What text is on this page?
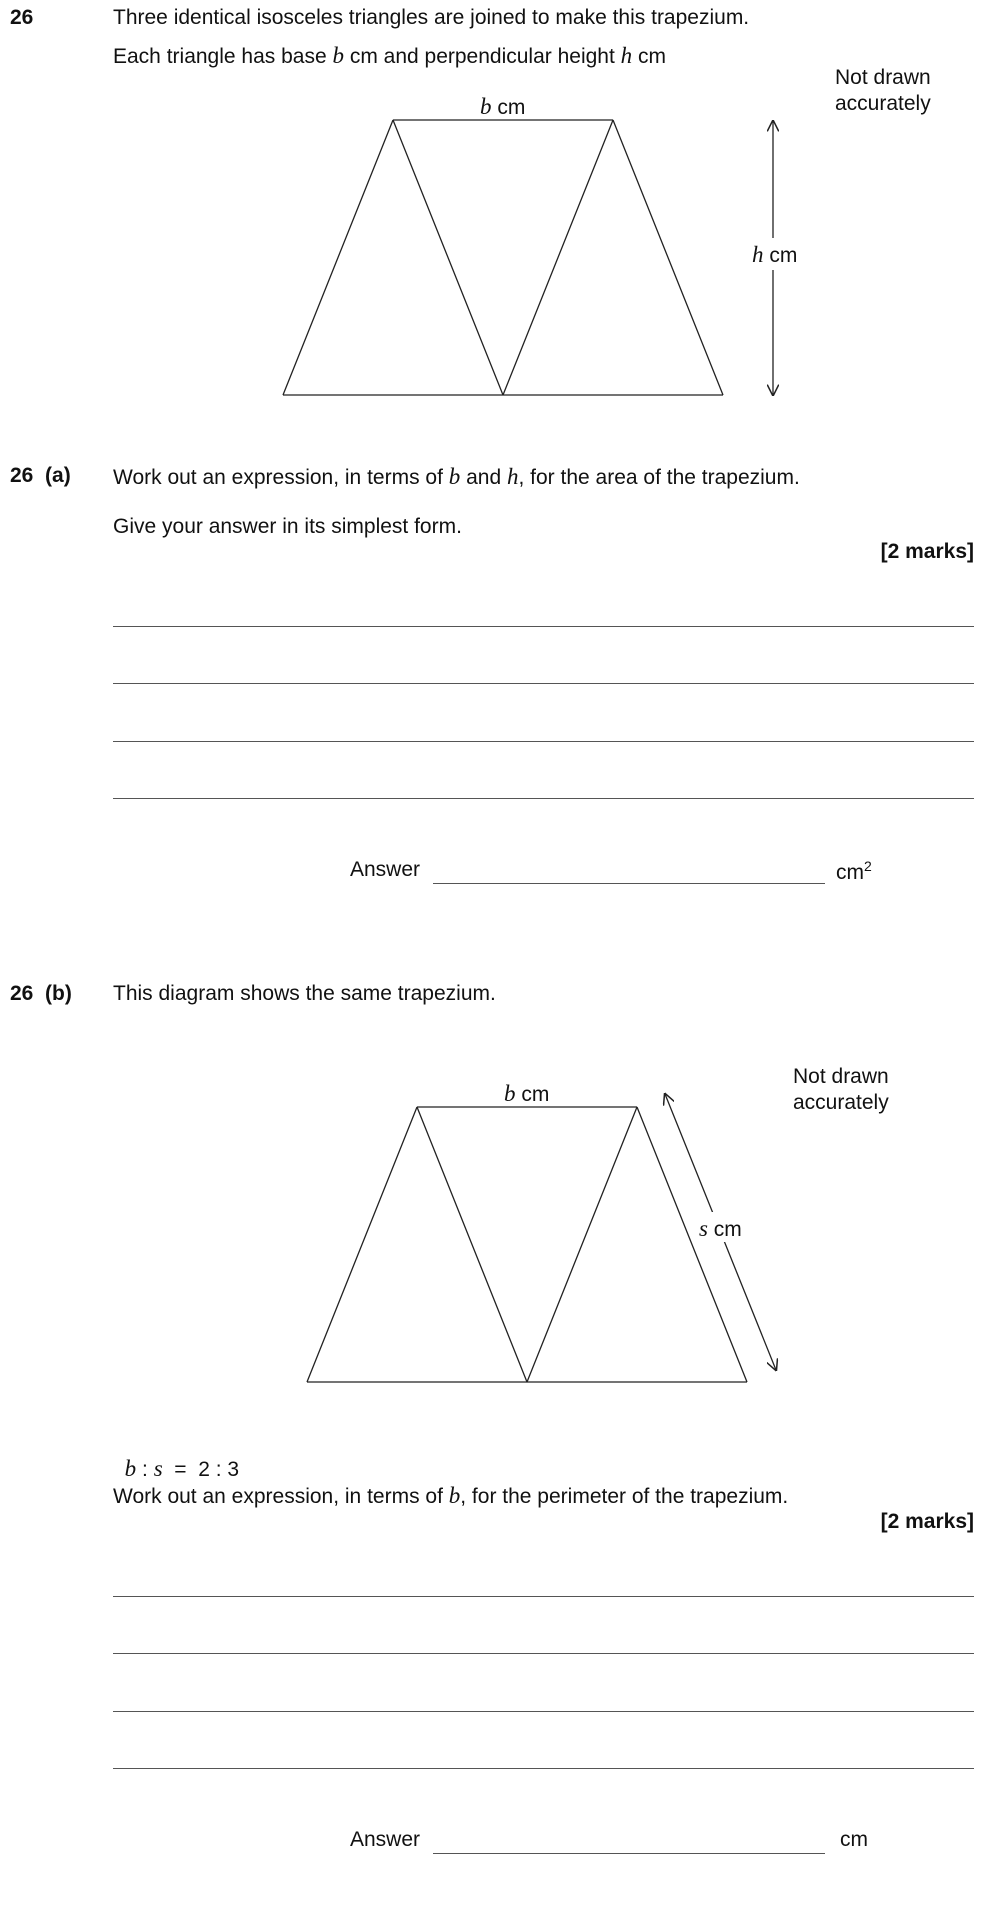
26	Three identical isosceles triangles are joined to make this trapezium.
Each triangle has base b cm and perpendicular height h cm
Not drawn
accurately
b cm
h cm
26  (a) Work out an expression, in terms of b and h, for the area of the trapezium.
Give your answer in its simplest form.
[2 marks]
Answer	$cm^2$
26  (b) This diagram shows the same trapezium.
Not drawn
accurately
b cm
s cm

b : s  =  2 : 3

Work out an expression, in terms of b, for the perimeter of the trapezium.
[2 marks]
Answer	cm
